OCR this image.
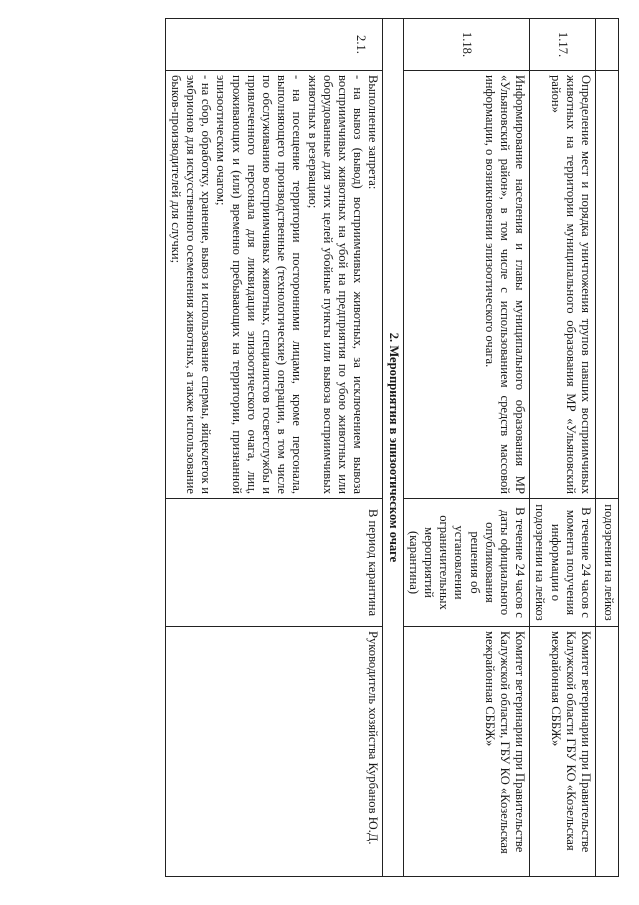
		подозрении на лейкоз	
1.17.	Определение мест и порядка уничтожения трупов павших восприимчивых животных на территории муниципального образования МР «Ульяновский район»	В течение 24 часов с момента получения информации о подозрении на лейкоз	Комитет ветеринарии при Правительстве Калужской области ГБУ КО «Козельская межрайонная СББЖ»
1.18.	Информирование населения и главы муниципального образования МР «Ульяновский район», в том числе с использованием средств массовой информации, о возникновении эпизоотического очага.	В течение 24 часов с даты официального опубликования решения об установлении ограничительных мероприятий (карантина)	Комитет ветеринарии при Правительстве Калужской области, ГБУ КО «Козельская межрайонная СББЖ»
2. Мероприятия в эпизоотическом очаге			
2.1.	Выполнение запрета:
- на вывоз (вывод) восприимчивых животных, за исключением вывоза восприимчивых животных на убой на предприятия по убою животных или оборудованные для этих целей убойные пункты или вывоза восприимчивых животных в резервацию;
- на посещение территории посторонними лицами, кроме персонала, выполняющего производственные (технологические) операции, в том числе по обслуживанию восприимчивых животных, специалистов госветслужбы и привлеченного персонала для ликвидации эпизоотического очага, лиц, проживающих и (или) временно пребывающих на территории, признанной эпизоотическим очагом;
- на сбор, обработку, хранение, вывоз и использование спермы, яйцеклеток и эмбрионов для искусственного осеменения животных, а также использование быков-производителей для случки;	В период карантина	Руководитель хозяйства Курбанов Ю.Д.
